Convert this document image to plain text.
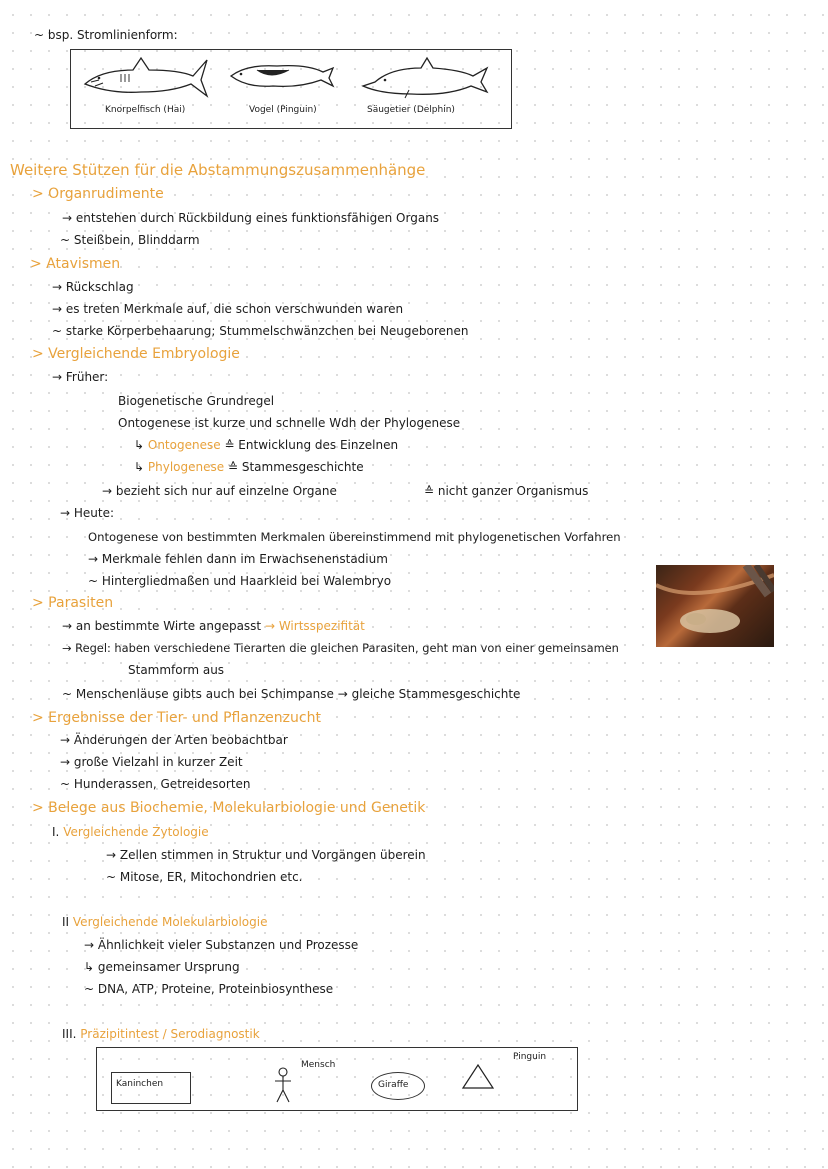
~ bsp. Stromlinienform:
Knorpelfisch (Hai)	Vogel (Pinguin)	Säugetier (Delphin)
Weitere Stützen für die Abstammungszusammenhänge
> Organrudimente
→ entstehen durch Rückbildung eines funktionsfähigen Organs
~ Steißbein, Blinddarm
> Atavismen
→ Rückschlag
→ es treten Merkmale auf, die schon verschwunden waren
~ starke Körperbehaarung; Stummelschwänzchen bei Neugeborenen
> Vergleichende Embryologie
→ Früher:
Biogenetische Grundregel
Ontogenese ist kurze und schnelle Wdh der Phylogenese
↳ Ontogenese ≙ Entwicklung des Einzelnen
↳ Phylogenese ≙ Stammesgeschichte
→ bezieht sich nur auf einzelne Organe	≙ nicht ganzer Organismus
→ Heute:
Ontogenese von bestimmten Merkmalen übereinstimmend mit phylogenetischen Vorfahren
→ Merkmale fehlen dann im Erwachsenenstadium
~ Hintergliedmaßen und Haarkleid bei Walembryo
> Parasiten
→ an bestimmte Wirte angepasst → Wirtsspezifität
→ Regel: haben verschiedene Tierarten die gleichen Parasiten, geht man von einer gemeinsamen
Stammform aus
~ Menschenläuse gibts auch bei Schimpanse → gleiche Stammesgeschichte
> Ergebnisse der Tier- und Pflanzenzucht
→ Änderungen der Arten beobachtbar
→ große Vielzahl in kurzer Zeit
~ Hunderassen, Getreidesorten
> Belege aus Biochemie, Molekularbiologie und Genetik
I. Vergleichende Zytologie
→ Zellen stimmen in Struktur und Vorgängen überein
~ Mitose, ER, Mitochondrien etc.
II Vergleichende Molekularbiologie
→ Ähnlichkeit vieler Substanzen und Prozesse
↳ gemeinsamer Ursprung
~ DNA, ATP, Proteine, Proteinbiosynthese
III. Präzipitintest / Serodiagnostik
Kaninchen
Mensch
Giraffe
Pinguin
